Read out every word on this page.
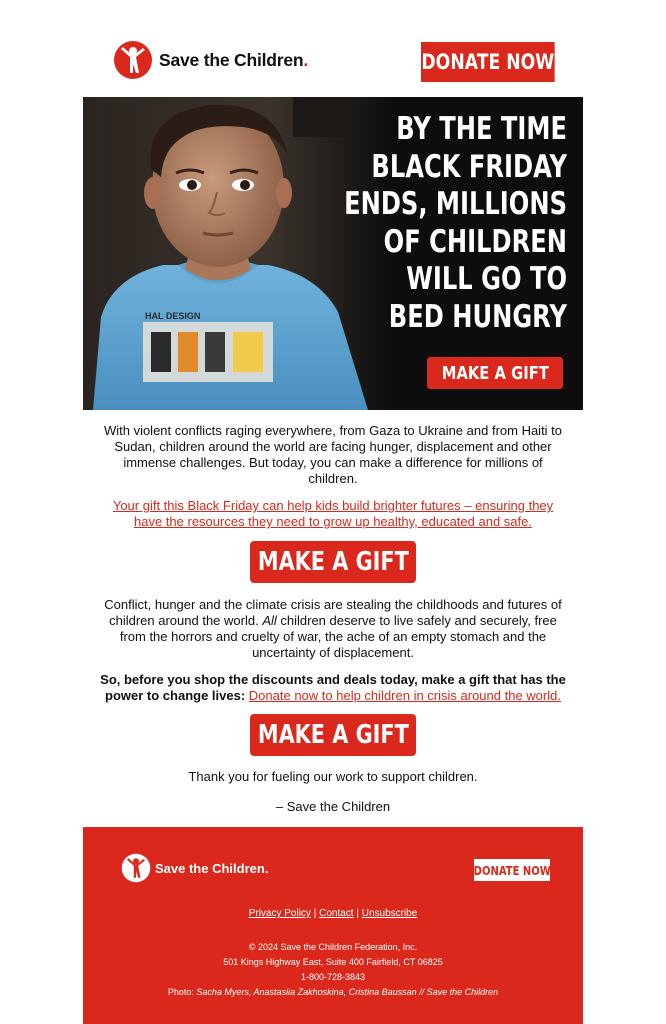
Save the Children.	DONATE NOW
HAL DESIGN
BY THE TIME
BLACK FRIDAY
ENDS, MILLIONS
OF CHILDREN
WILL GO TO
BED HUNGRY
MAKE A GIFT

With violent conflicts raging everywhere, from Gaza to Ukraine and from Haiti to Sudan, children around the world are facing hunger, displacement and other immense challenges. But today, you can make a difference for millions of children.

Your gift this Black Friday can help kids build brighter futures – ensuring they have the resources they need to grow up healthy, educated and safe.

MAKE A GIFT

Conflict, hunger and the climate crisis are stealing the childhoods and futures of children around the world. All children deserve to live safely and securely, free from the horrors and cruelty of war, the ache of an empty stomach and the uncertainty of displacement.

So, before you shop the discounts and deals today, make a gift that has the power to change lives: Donate now to help children in crisis around the world.

MAKE A GIFT

Thank you for fueling our work to support children.

– Save the Children

Save the Children.	DONATE NOW
Privacy Policy | Contact | Unsubscribe
© 2024 Save the Children Federation, Inc.
501 Kings Highway East, Suite 400 Fairfield, CT 06825
1-800-728-3843
Photo: Sacha Myers, Anastasiia Zakhoskina, Cristina Baussan // Save the Children
